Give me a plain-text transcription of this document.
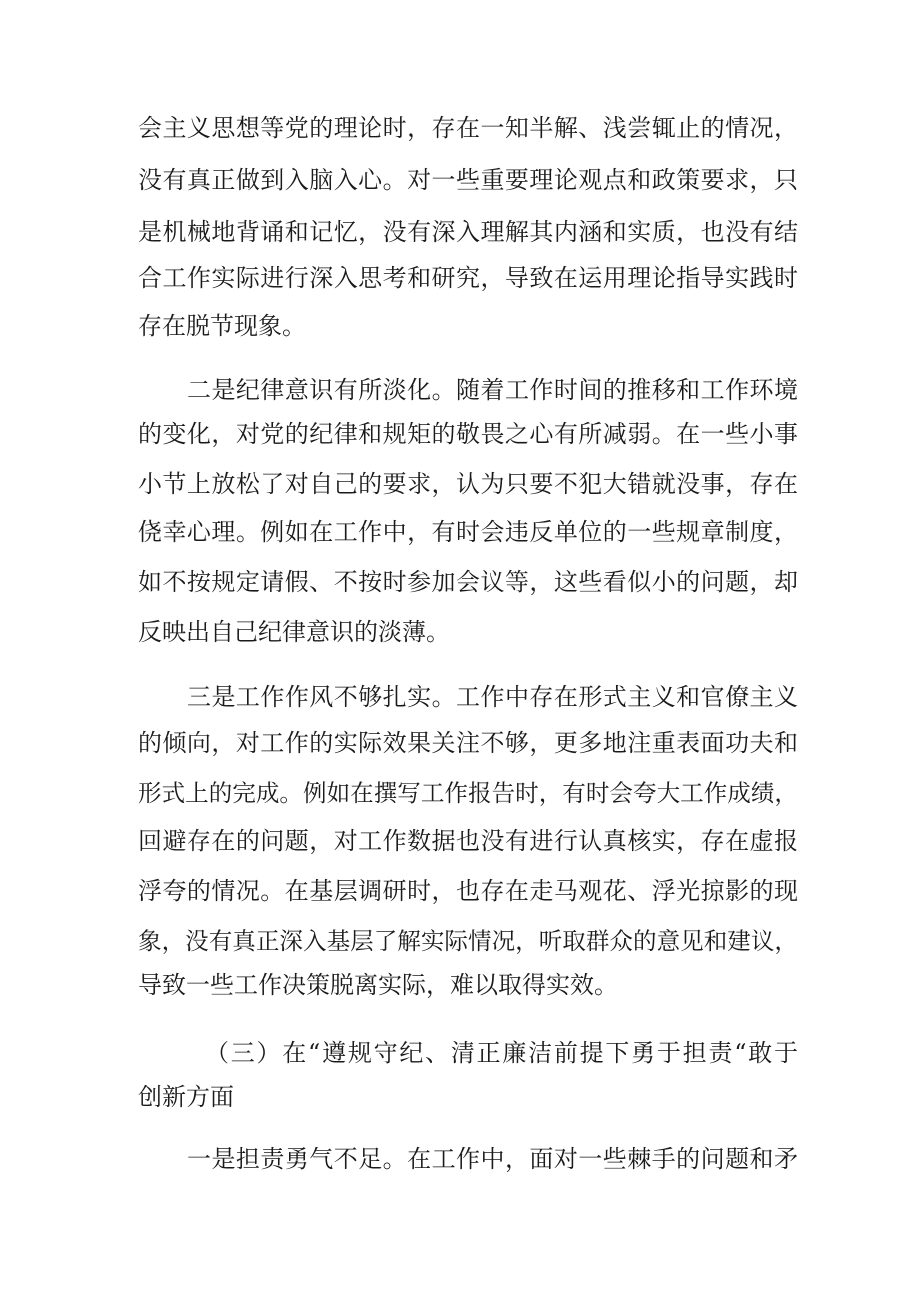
会主义思想等党的理论时，存在一知半解、浅尝辄止的情况，
没有真正做到入脑入心。对一些重要理论观点和政策要求，只
是机械地背诵和记忆，没有深入理解其内涵和实质，也没有结
合工作实际进行深入思考和研究，导致在运用理论指导实践时
存在脱节现象。
二是纪律意识有所淡化。随着工作时间的推移和工作环境
的变化，对党的纪律和规矩的敬畏之心有所减弱。在一些小事
小节上放松了对自己的要求，认为只要不犯大错就没事，存在
侥幸心理。例如在工作中，有时会违反单位的一些规章制度，
如不按规定请假、不按时参加会议等，这些看似小的问题，却
反映出自己纪律意识的淡薄。
三是工作作风不够扎实。工作中存在形式主义和官僚主义
的倾向，对工作的实际效果关注不够，更多地注重表面功夫和
形式上的完成。例如在撰写工作报告时，有时会夸大工作成绩，
回避存在的问题，对工作数据也没有进行认真核实，存在虚报
浮夸的情况。在基层调研时，也存在走马观花、浮光掠影的现
象，没有真正深入基层了解实际情况，听取群众的意见和建议，
导致一些工作决策脱离实际，难以取得实效。
（三）在“遵规守纪、清正廉洁前提下勇于担责“敢于
创新方面
一是担责勇气不足。在工作中，面对一些棘手的问题和矛
